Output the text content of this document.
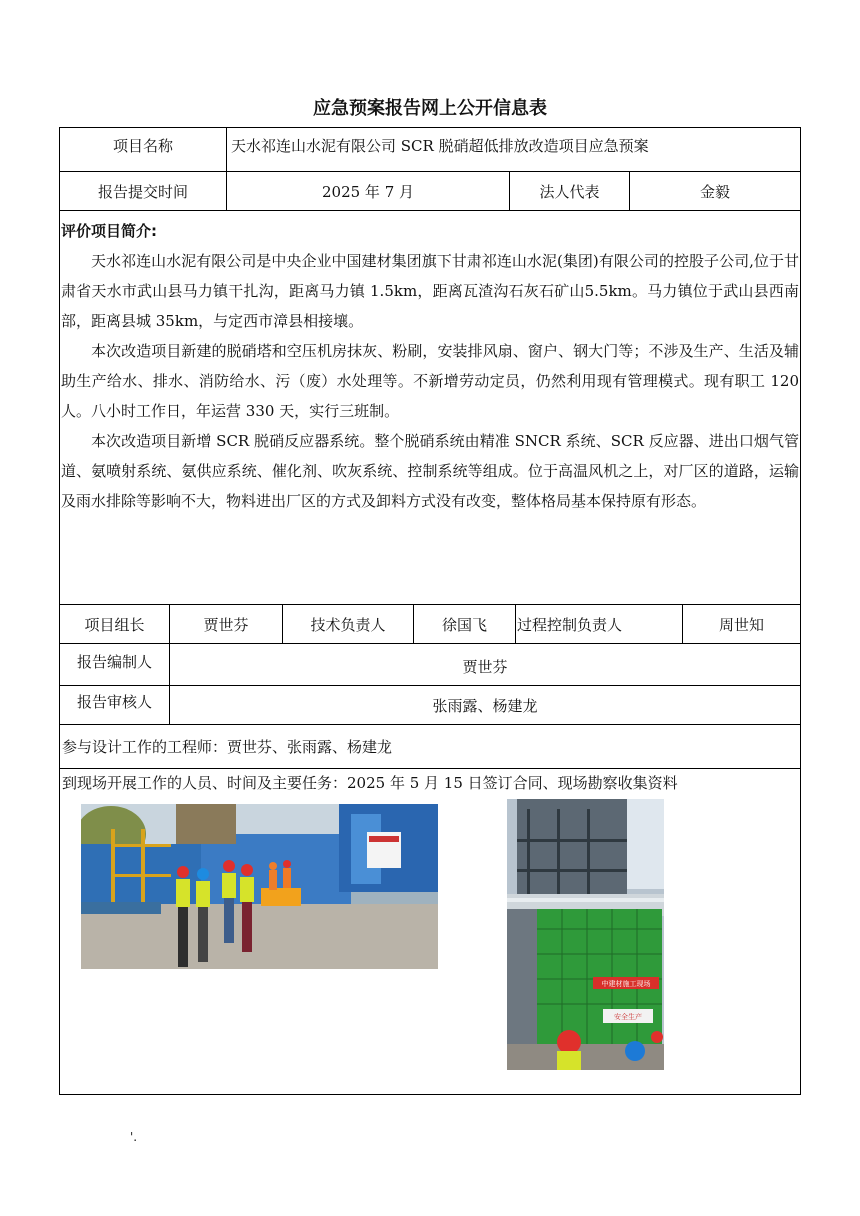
应急预案报告网上公开信息表
项目名称	天水祁连山水泥有限公司 SCR 脱硝超低排放改造项目应急预案
报告提交时间	2025 年 7 月	法人代表	金毅
评价项目简介:

天水祁连山水泥有限公司是中央企业中国建材集团旗下甘肃祁连山水泥(集团)有限公司的控股子公司,位于甘肃省天水市武山县马力镇干扎沟，距离马力镇 1.5km，距离瓦渣沟石灰石矿山5.5km。马力镇位于武山县西南部，距离县城 35km，与定西市漳县相接壤。

本次改造项目新建的脱硝塔和空压机房抹灰、粉刷，安装排风扇、窗户、钢大门等；不涉及生产、生活及辅助生产给水、排水、消防给水、污（废）水处理等。不新增劳动定员，仍然利用现有管理模式。现有职工 120 人。八小时工作日，年运营 330 天，实行三班制。

本次改造项目新增 SCR 脱硝反应器系统。整个脱硝系统由精准 SNCR 系统、SCR 反应器、进出口烟气管道、氨喷射系统、氨供应系统、催化剂、吹灰系统、控制系统等组成。位于高温风机之上，对厂区的道路，运输及雨水排除等影响不大，物料进出厂区的方式及卸料方式没有改变，整体格局基本保持原有形态。

项目组长	贾世芬	技术负责人	徐国飞	过程控制负责人	周世知
报告编制人	贾世芬
报告审核人	张雨露、杨建龙
参与设计工作的工程师：贾世芬、张雨露、杨建龙
到现场开展工作的人员、时间及主要任务：2025 年 5 月 15 日签订合同、现场勘察收集资料
中建材施工现场
安全生产
'.
